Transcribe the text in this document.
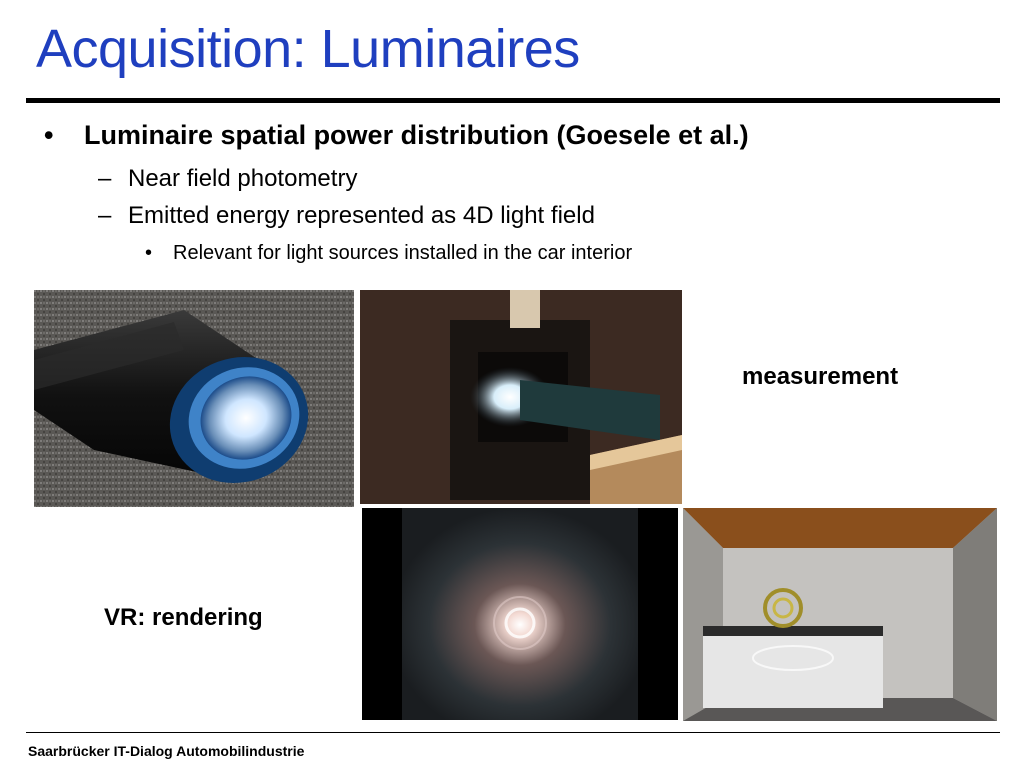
Acquisition: Luminaires
• Luminaire spatial power distribution (Goesele et al.)
– Near field photometry
– Emitted energy represented as 4D light field
• Relevant for light sources installed in the car interior
measurement
VR: rendering
Saarbrücker IT-Dialog Automobilindustrie
